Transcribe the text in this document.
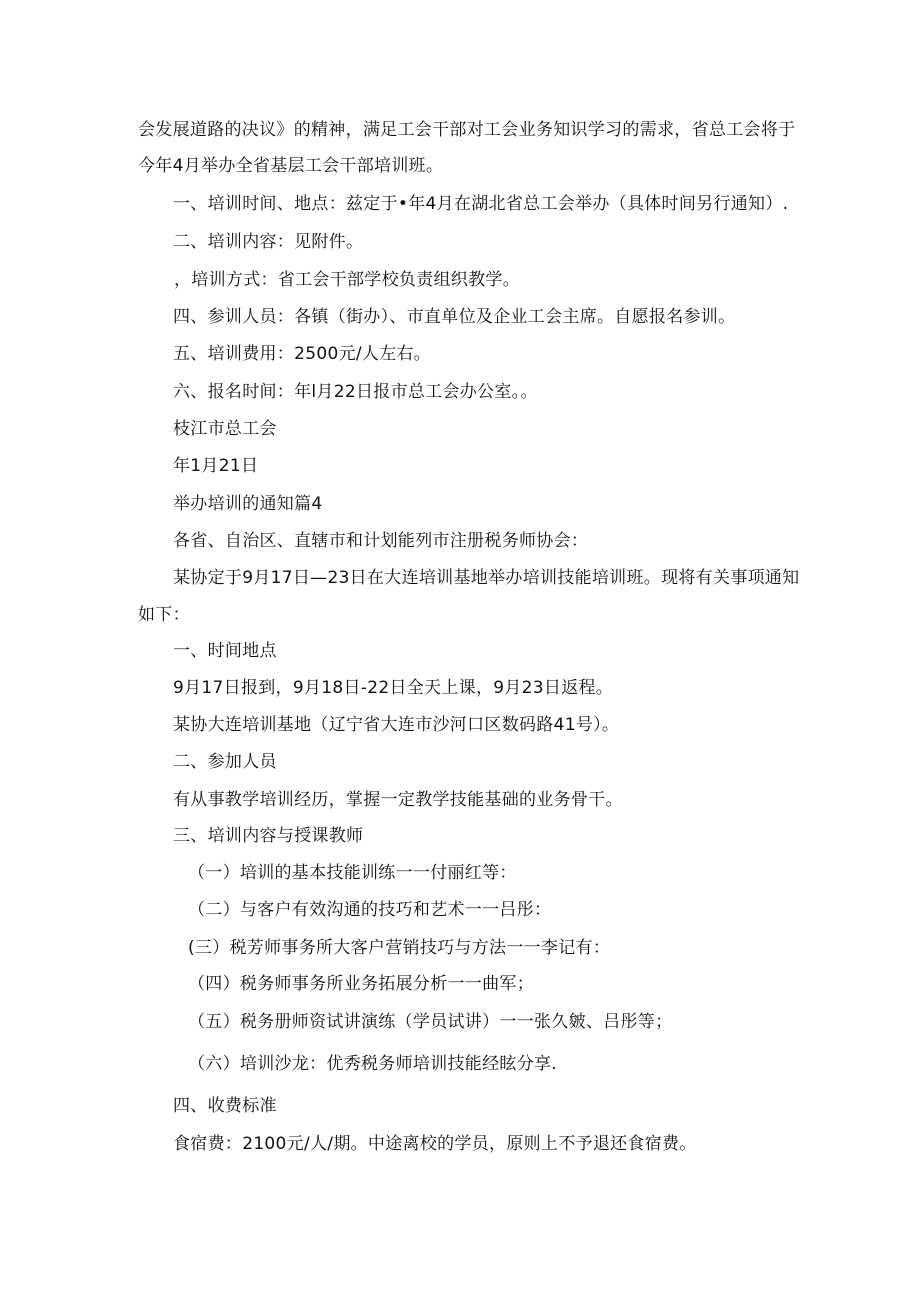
会发展道路的决议》的精神，满足工会干部对工会业务知识学习的需求，省总工会将于
今年4月举办全省基层工会干部培训班。
一、培训时间、地点：兹定于•年4月在湖北省总工会举办（具体时间另行通知）.
二、培训内容：见附件。
，培训方式：省工会干部学校负责组织教学。
四、参训人员：各镇（街办）、市直单位及企业工会主席。自愿报名参训。
五、培训费用：2500元/人左右。
六、报名时间：年l月22日报市总工会办公室。。
枝江市总工会
年1月21日
举办培训的通知篇4
各省、自治区、直辖市和计划能列市注册税务师协会：
某协定于9月17日—23日在大连培训基地举办培训技能培训班。现将有关事项通知
如下：
一、时间地点
9月17日报到，9月18日-22日全天上课，9月23日返程。
某协大连培训基地（辽宁省大连市沙河口区数码路41号）。
二、参加人员
有从事教学培训经历，掌握一定教学技能基础的业务骨干。
三、培训内容与授课教师
（一）培训的基本技能训练一一付丽红等：
（二）与客户有效沟通的技巧和艺术一一吕彤：
(三）税芳师事务所大客户营销技巧与方法一一李记有：
（四）税务师事务所业务拓展分析一一曲军；
（五）税务册师资试讲演练（学员试讲）一一张久皴、吕彤等；
（六）培训沙龙：优秀税务师培训技能经眩分享.
四、收费标准
食宿费：2100元/人/期。中途离校的学员，原则上不予退还食宿费。
